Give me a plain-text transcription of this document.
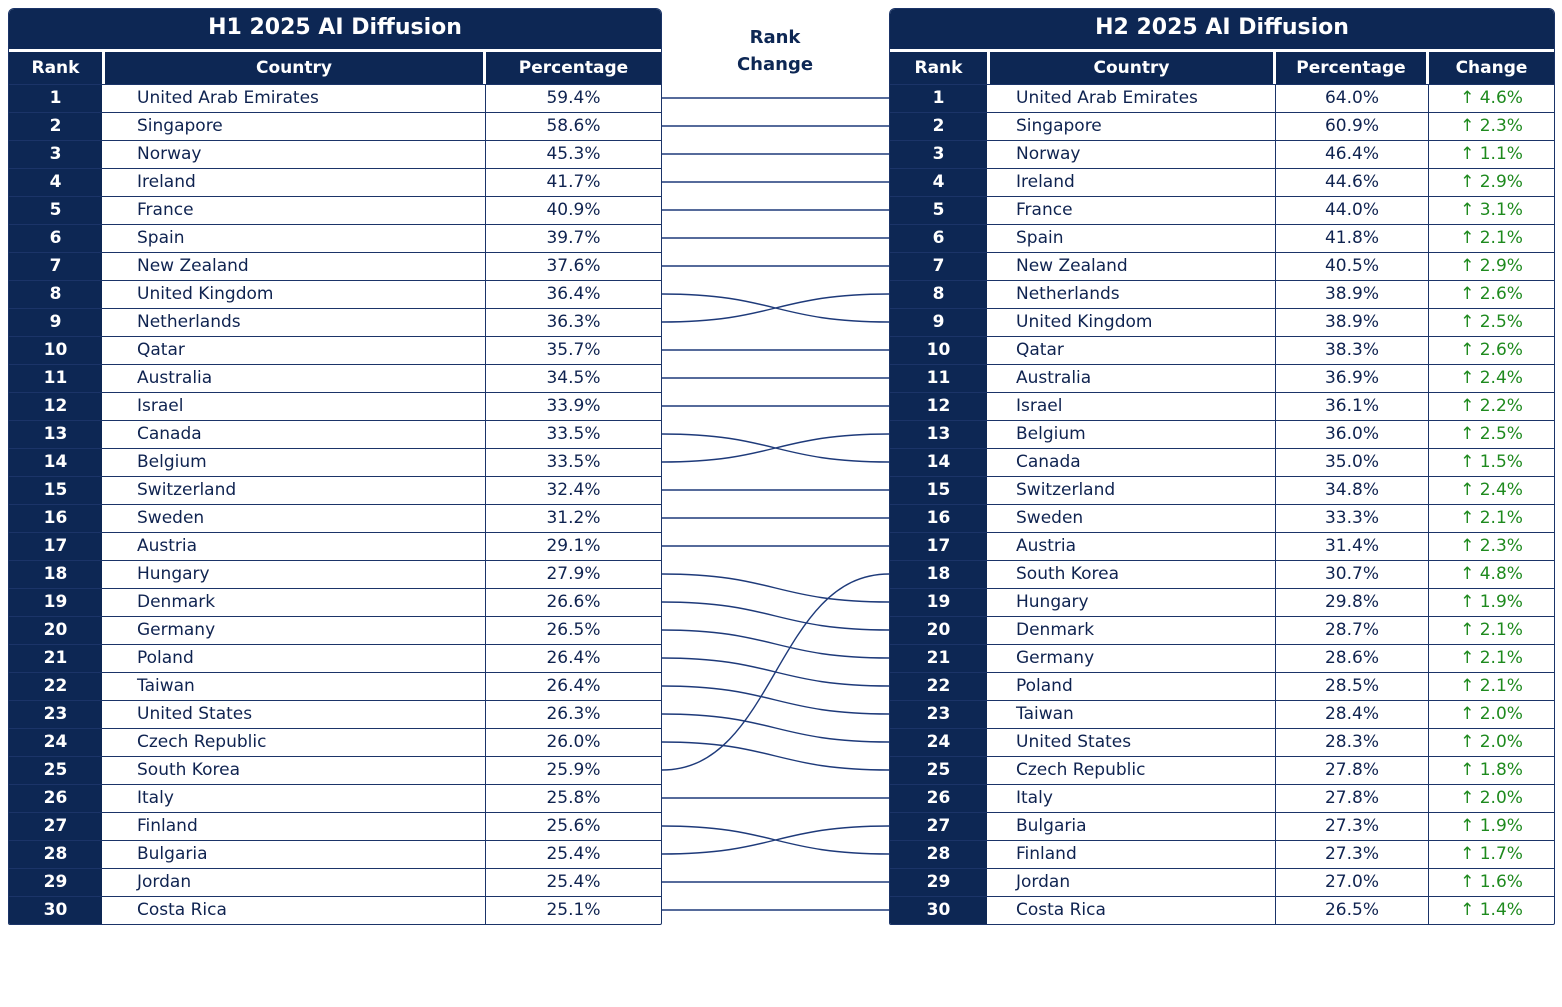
H1 2025 AI Diffusion
Rank	Country	Percentage
1	United Arab Emirates	59.4%
2	Singapore	58.6%
3	Norway	45.3%
4	Ireland	41.7%
5	France	40.9%
6	Spain	39.7%
7	New Zealand	37.6%
8	United Kingdom	36.4%
9	Netherlands	36.3%
10	Qatar	35.7%
11	Australia	34.5%
12	Israel	33.9%
13	Canada	33.5%
14	Belgium	33.5%
15	Switzerland	32.4%
16	Sweden	31.2%
17	Austria	29.1%
18	Hungary	27.9%
19	Denmark	26.6%
20	Germany	26.5%
21	Poland	26.4%
22	Taiwan	26.4%
23	United States	26.3%
24	Czech Republic	26.0%
25	South Korea	25.9%
26	Italy	25.8%
27	Finland	25.6%
28	Bulgaria	25.4%
29	Jordan	25.4%
30	Costa Rica	25.1%
Rank
Change
H2 2025 AI Diffusion
Rank	Country	Percentage	Change
1	United Arab Emirates	64.0%	↑ 4.6%
2	Singapore	60.9%	↑ 2.3%
3	Norway	46.4%	↑ 1.1%
4	Ireland	44.6%	↑ 2.9%
5	France	44.0%	↑ 3.1%
6	Spain	41.8%	↑ 2.1%
7	New Zealand	40.5%	↑ 2.9%
8	Netherlands	38.9%	↑ 2.6%
9	United Kingdom	38.9%	↑ 2.5%
10	Qatar	38.3%	↑ 2.6%
11	Australia	36.9%	↑ 2.4%
12	Israel	36.1%	↑ 2.2%
13	Belgium	36.0%	↑ 2.5%
14	Canada	35.0%	↑ 1.5%
15	Switzerland	34.8%	↑ 2.4%
16	Sweden	33.3%	↑ 2.1%
17	Austria	31.4%	↑ 2.3%
18	South Korea	30.7%	↑ 4.8%
19	Hungary	29.8%	↑ 1.9%
20	Denmark	28.7%	↑ 2.1%
21	Germany	28.6%	↑ 2.1%
22	Poland	28.5%	↑ 2.1%
23	Taiwan	28.4%	↑ 2.0%
24	United States	28.3%	↑ 2.0%
25	Czech Republic	27.8%	↑ 1.8%
26	Italy	27.8%	↑ 2.0%
27	Bulgaria	27.3%	↑ 1.9%
28	Finland	27.3%	↑ 1.7%
29	Jordan	27.0%	↑ 1.6%
30	Costa Rica	26.5%	↑ 1.4%
